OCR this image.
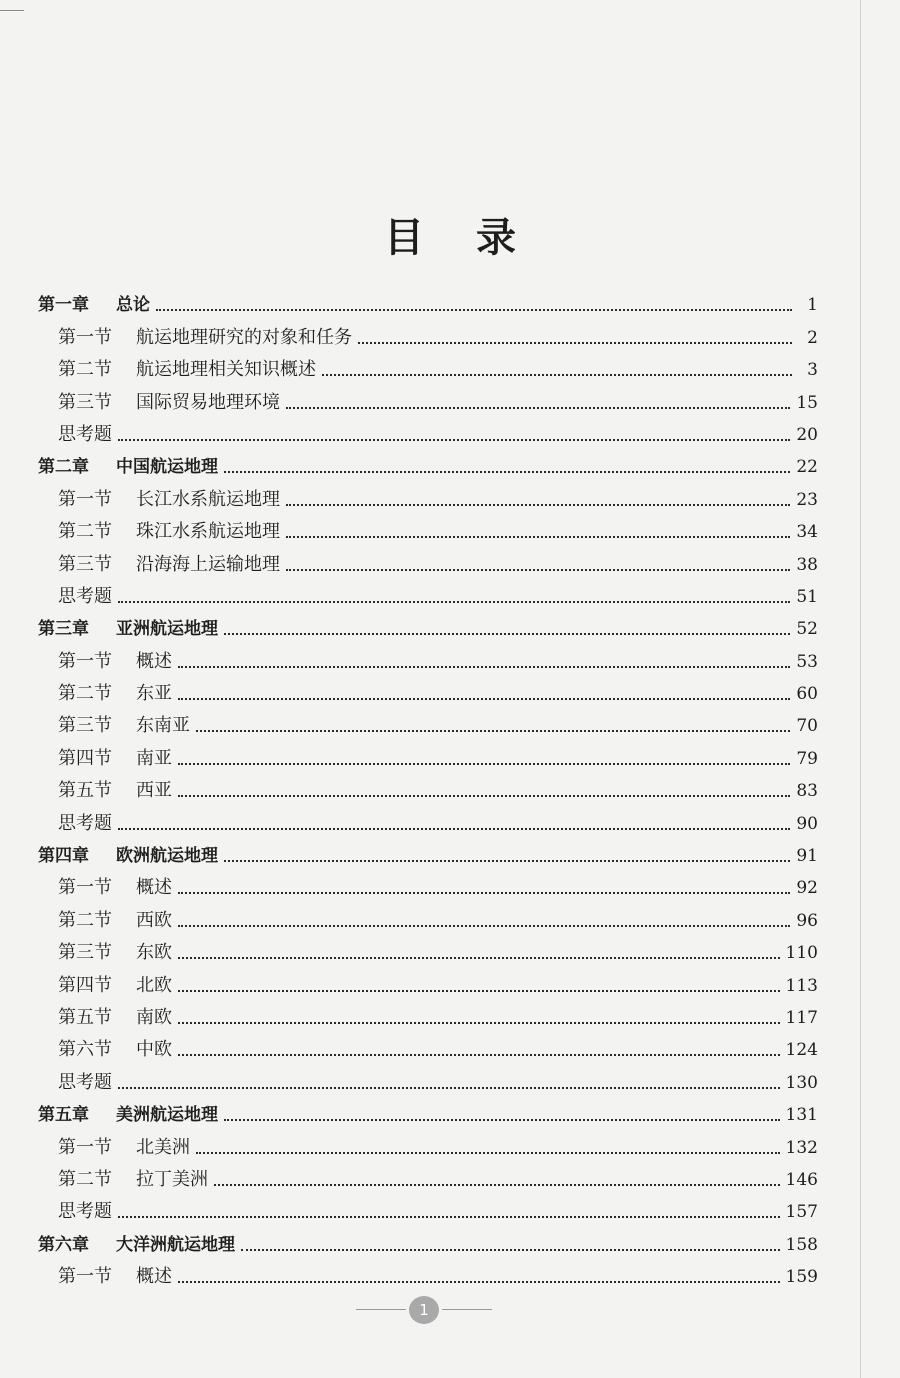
目录
第一章	总论	1
第一节	航运地理研究的对象和任务	2
第二节	航运地理相关知识概述	3
第三节	国际贸易地理环境	15
思考题	20
第二章	中国航运地理	22
第一节	长江水系航运地理	23
第二节	珠江水系航运地理	34
第三节	沿海海上运输地理	38
思考题	51
第三章	亚洲航运地理	52
第一节	概述	53
第二节	东亚	60
第三节	东南亚	70
第四节	南亚	79
第五节	西亚	83
思考题	90
第四章	欧洲航运地理	91
第一节	概述	92
第二节	西欧	96
第三节	东欧	110
第四节	北欧	113
第五节	南欧	117
第六节	中欧	124
思考题	130
第五章	美洲航运地理	131
第一节	北美洲	132
第二节	拉丁美洲	146
思考题	157
第六章	大洋洲航运地理	158
第一节	概述	159
1
